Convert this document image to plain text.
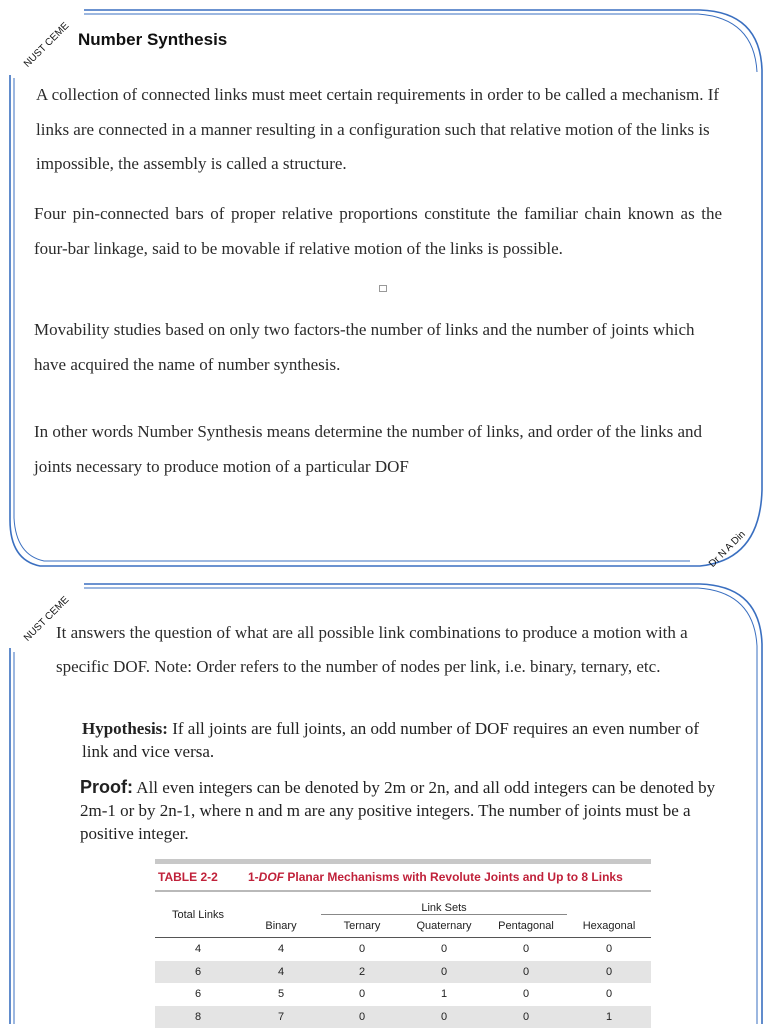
NUST CEME
Dr N A Din
Number Synthesis

A collection of connected links must meet certain requirements in order to be called a mechanism. If links are connected in a manner resulting in a configuration such that relative motion of the links is impossible, the assembly is called a structure.

Four pin-connected bars of proper relative proportions constitute the familiar chain known as the four-bar linkage, said to be movable if relative motion of the links is possible.

Movability studies based on only two factors-the number of links and the number of joints which have acquired the name of number synthesis.

In other words Number Synthesis means determine the number of links, and order of the links and joints necessary to produce motion of a particular DOF

NUST CEME

It answers the question of what are all possible link combinations to produce a motion with a specific DOF. Note: Order refers to the number of nodes per link, i.e. binary, ternary, etc.

Hypothesis: If all joints are full joints, an odd number of DOF requires an even number of link and vice versa.

Proof: All even integers can be denoted by 2m or 2n, and all odd integers can be denoted by 2m-1 or by 2n-1, where n and m are any positive integers. The number of joints must be a positive integer.

TABLE 2-2	1-DOF Planar Mechanisms with Revolute Joints and Up to 8 Links
Total Links		Link Sets			
	Binary	Ternary	Quaternary	Pentagonal	Hexagonal
4	4	0	0	0	0
6	4	2	0	0	0
6	5	0	1	0	0
8	7	0	0	0	1
